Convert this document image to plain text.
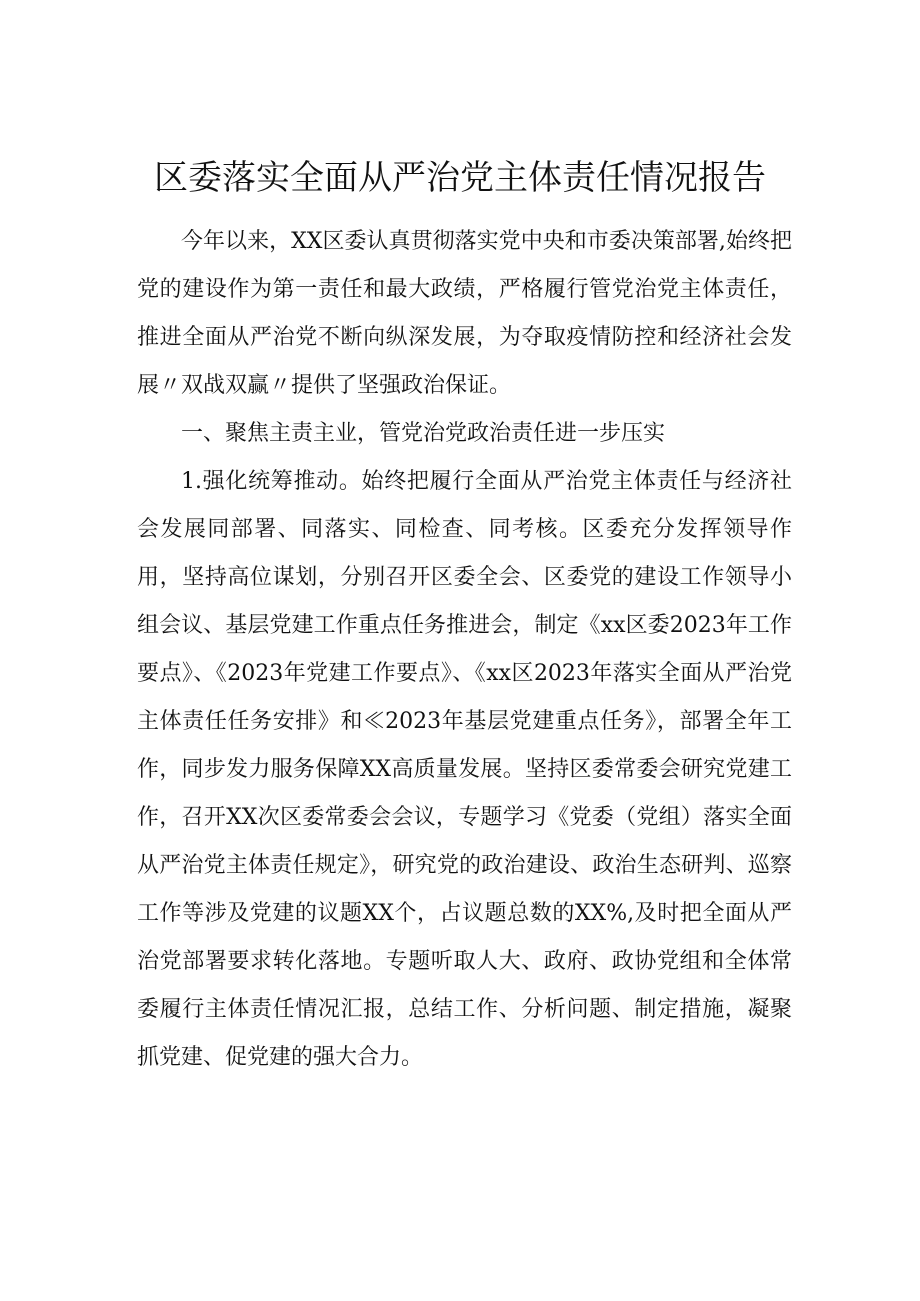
区委落实全面从严治党主体责任情况报告

今年以来，XX区委认真贯彻落实党中央和市委决策部署,始终把党的建设作为第一责任和最大政绩，严格履行管党治党主体责任，推进全面从严治党不断向纵深发展，为夺取疫情防控和经济社会发展〃双战双赢〃提供了坚强政治保证。

一、聚焦主责主业，管党治党政治责任进一步压实

1.强化统筹推动。始终把履行全面从严治党主体责任与经济社会发展同部署、同落实、同检查、同考核。区委充分发挥领导作用，坚持高位谋划，分别召开区委全会、区委党的建设工作领导小组会议、基层党建工作重点任务推进会，制定《xx区委2023年工作要点》、《2023年党建工作要点》、《xx区2023年落实全面从严治党主体责任任务安排》和≪2023年基层党建重点任务》，部署全年工作，同步发力服务保障XX高质量发展。坚持区委常委会研究党建工作，召开XX次区委常委会会议，专题学习《党委（党组）落实全面从严治党主体责任规定》，研究党的政治建设、政治生态研判、巡察工作等涉及党建的议题XX个，占议题总数的XX%,及时把全面从严治党部署要求转化落地。专题听取人大、政府、政协党组和全体常委履行主体责任情况汇报，总结工作、分析问题、制定措施，凝聚抓党建、促党建的强大合力。
